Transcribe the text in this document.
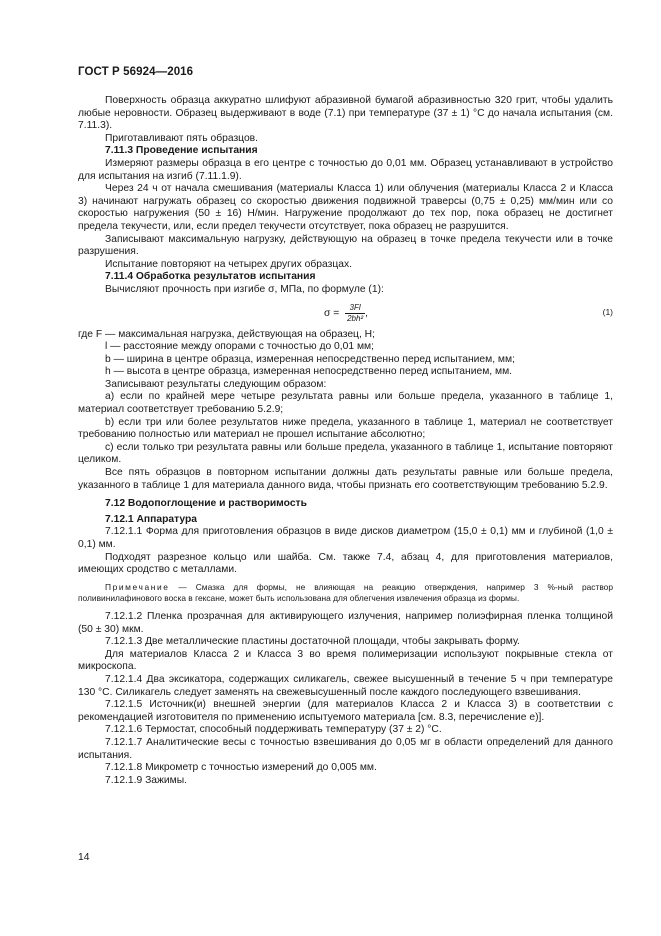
ГОСТ Р 56924—2016

Поверхность образца аккуратно шлифуют абразивной бумагой абразивностью 320 грит, чтобы удалить любые неровности. Образец выдерживают в воде (7.1) при температуре (37 ± 1) °С до начала испытания (см. 7.11.3).

Приготавливают пять образцов.

7.11.3 Проведение испытания

Измеряют размеры образца в его центре с точностью до 0,01 мм. Образец устанавливают в устройство для испытания на изгиб (7.11.1.9).

Через 24 ч от начала смешивания (материалы Класса 1) или облучения (материалы Класса 2 и Класса 3) начинают нагружать образец со скоростью движения подвижной траверсы (0,75 ± 0,25) мм/мин или со скоростью нагружения (50 ± 16) Н/мин. Нагружение продолжают до тех пор, пока образец не достигнет предела текучести, или, если предел текучести отсутствует, пока образец не разрушится.

Записывают максимальную нагрузку, действующую на образец в точке предела текучести или в точке разрушения.

Испытание повторяют на четырех других образцах.

7.11.4 Обработка результатов испытания

Вычисляют прочность при изгибе σ, МПа, по формуле (1):

$\sigma = \frac{3Fl}{\text{2bh²}}$ ,	(1)

где F — максимальная нагрузка, действующая на образец, Н;

l — расстояние между опорами с точностью до 0,01 мм;

b — ширина в центре образца, измеренная непосредственно перед испытанием, мм;

h — высота в центре образца, измеренная непосредственно перед испытанием, мм.

Записывают результаты следующим образом:

а) если по крайней мере четыре результата равны или больше предела, указанного в таблице 1, материал соответствует требованию 5.2.9;

b) если три или более результатов ниже предела, указанного в таблице 1, материал не соответствует требованию полностью или материал не прошел испытание абсолютно;

c) если только три результата равны или больше предела, указанного в таблице 1, испытание повторяют целиком.

Все пять образцов в повторном испытании должны дать результаты равные или больше предела, указанного в таблице 1 для материала данного вида, чтобы признать его соответствующим требованию 5.2.9.

7.12 Водопоглощение и растворимость
7.12.1 Аппаратура

7.12.1.1 Форма для приготовления образцов в виде дисков диаметром (15,0 ± 0,1) мм и глубиной (1,0 ± 0,1) мм.

Подходят разрезное кольцо или шайба. См. также 7.4, абзац 4, для приготовления материалов, имеющих сродство с металлами.

Примечание — Смазка для формы, не влияющая на реакцию отверждения, например 3 %-ный раствор поливинилафинового воска в гексане, может быть использована для облегчения извлечения образца из формы.

7.12.1.2 Пленка прозрачная для активирующего излучения, например полиэфирная пленка толщиной (50 ± 30) мкм.

7.12.1.3 Две металлические пластины достаточной площади, чтобы закрывать форму.

Для материалов Класса 2 и Класса 3 во время полимеризации используют покрывные стекла от микроскопа.

7.12.1.4 Два эксикатора, содержащих силикагель, свежее высушенный в течение 5 ч при температуре 130 °С. Силикагель следует заменять на свежевысушенный после каждого последующего взвешивания.

7.12.1.5 Источник(и) внешней энергии (для материалов Класса 2 и Класса 3) в соответствии с рекомендацией изготовителя по применению испытуемого материала [см. 8.3, перечисление е)].

7.12.1.6 Термостат, способный поддерживать температуру (37 ± 2) °С.

7.12.1.7 Аналитические весы с точностью взвешивания до 0,05 мг в области определений для данного испытания.

7.12.1.8 Микрометр с точностью измерений до 0,005 мм.

7.12.1.9 Зажимы.

14
